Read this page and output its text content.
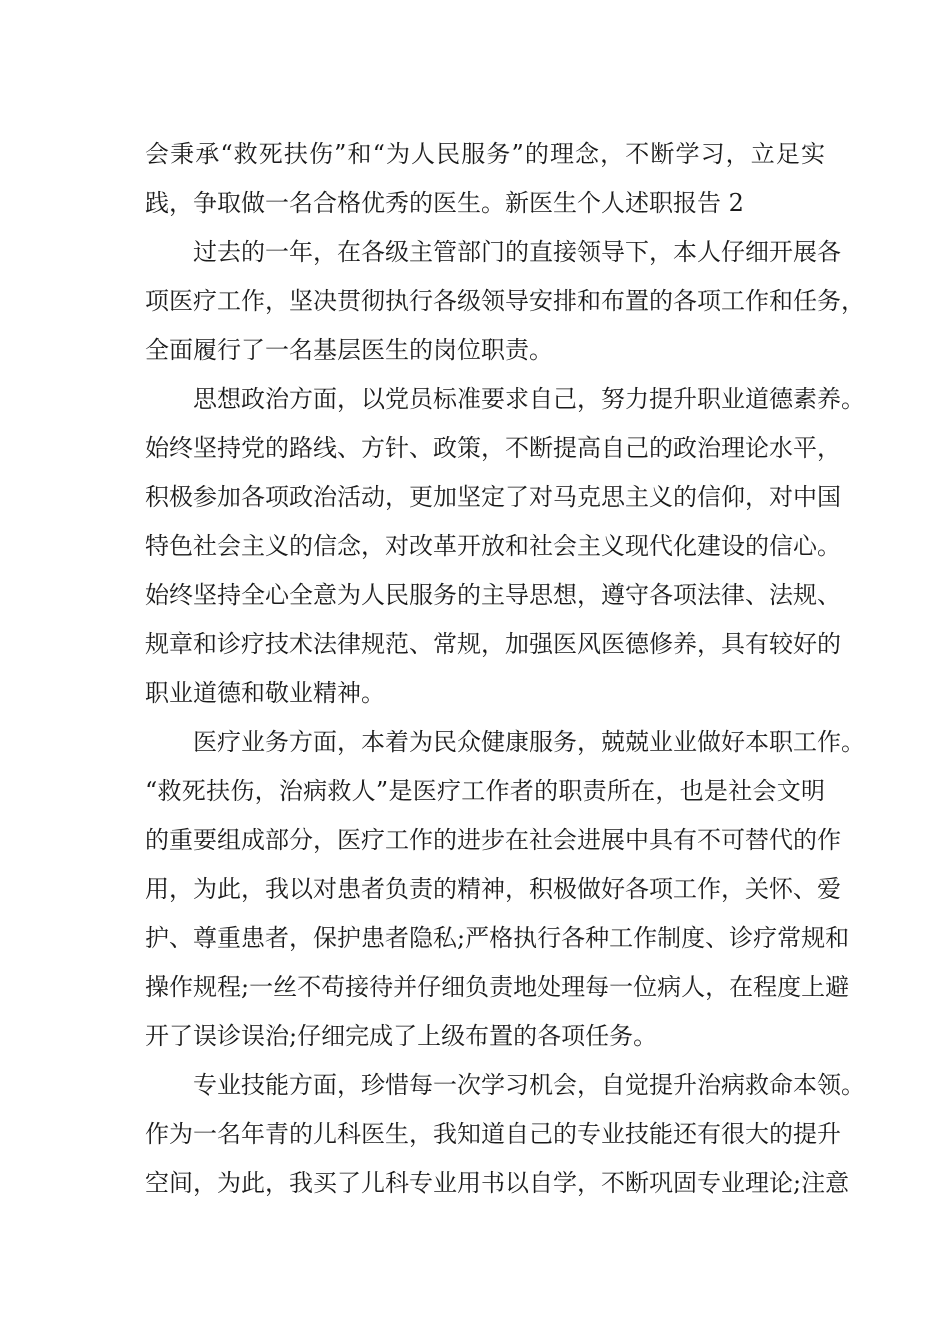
会秉承“救死扶伤”和“为人民服务”的理念，不断学习，立足实
践，争取做一名合格优秀的医生。新医生个人述职报告 2
过去的一年，在各级主管部门的直接领导下，本人仔细开展各
项医疗工作，坚决贯彻执行各级领导安排和布置的各项工作和任务，
全面履行了一名基层医生的岗位职责。
思想政治方面，以党员标准要求自己，努力提升职业道德素养。
始终坚持党的路线、方针、政策，不断提高自己的政治理论水平，
积极参加各项政治活动，更加坚定了对马克思主义的信仰，对中国
特色社会主义的信念，对改革开放和社会主义现代化建设的信心。
始终坚持全心全意为人民服务的主导思想，遵守各项法律、法规、
规章和诊疗技术法律规范、常规，加强医风医德修养，具有较好的
职业道德和敬业精神。
医疗业务方面，本着为民众健康服务，兢兢业业做好本职工作。
“救死扶伤，治病救人”是医疗工作者的职责所在，也是社会文明
的重要组成部分，医疗工作的进步在社会进展中具有不可替代的作
用，为此，我以对患者负责的精神，积极做好各项工作，关怀、爱
护、尊重患者，保护患者隐私;严格执行各种工作制度、诊疗常规和
操作规程;一丝不苟接待并仔细负责地处理每一位病人，在程度上避
开了误诊误治;仔细完成了上级布置的各项任务。
专业技能方面，珍惜每一次学习机会，自觉提升治病救命本领。
作为一名年青的儿科医生，我知道自己的专业技能还有很大的提升
空间，为此，我买了儿科专业用书以自学，不断巩固专业理论;注意
